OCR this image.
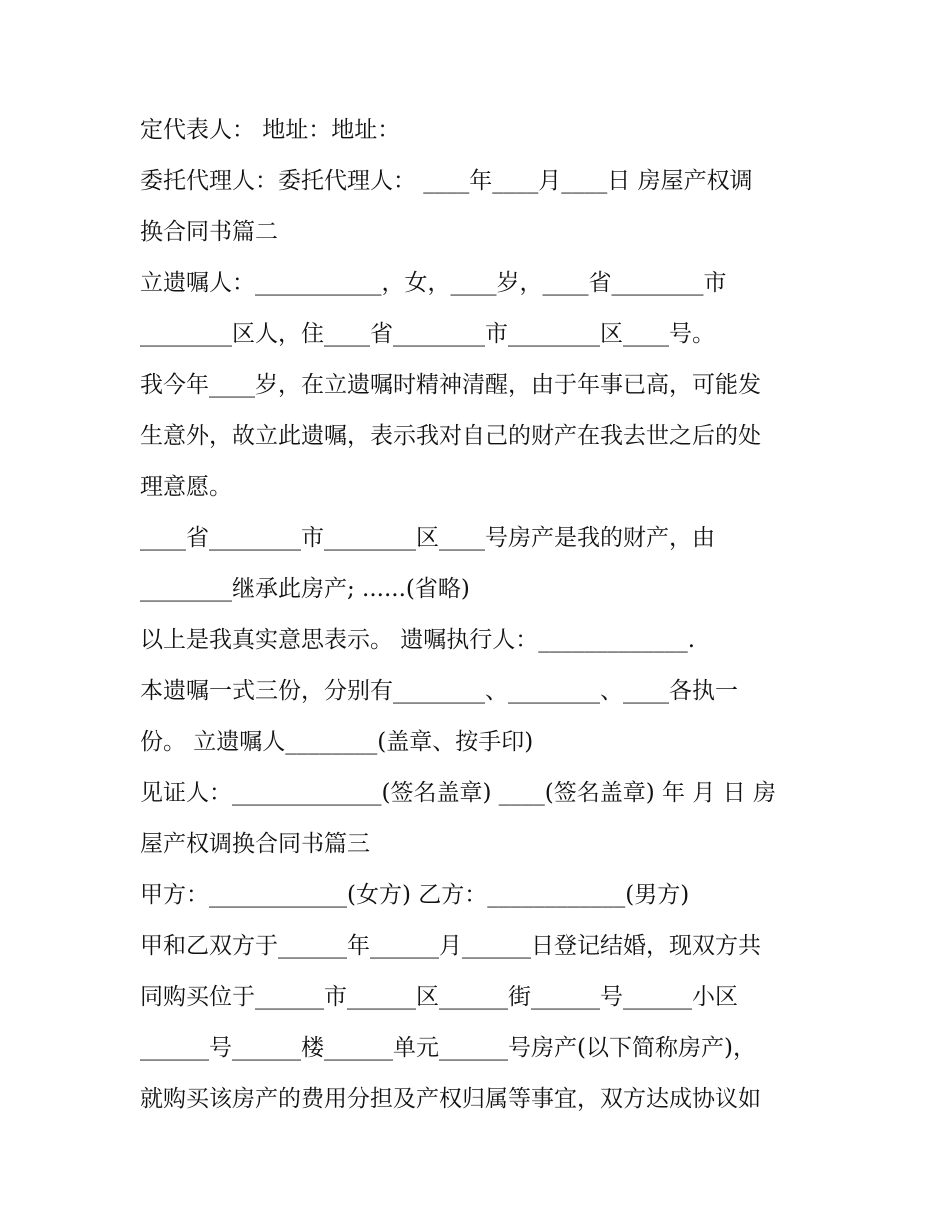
定代表人： 地址：地址：
委托代理人：委托代理人： ____年____月____日 房屋产权调
换合同书篇二
立遗嘱人：___________，女，____岁，____省________市
________区人，住____省________市________区____号。
我今年____岁，在立遗嘱时精神清醒，由于年事已高，可能发
生意外，故立此遗嘱，表示我对自己的财产在我去世之后的处
理意愿。
____省________市________区____号房产是我的财产，由
________继承此房产; ......(省略)
以上是我真实意思表示。 遗嘱执行人：_____________.
本遗嘱一式三份，分别有________、________、____各执一
份。 立遗嘱人________(盖章、按手印)
见证人：_____________(签名盖章) ____(签名盖章) 年 月 日 房
屋产权调换合同书篇三
甲方：____________(女方) 乙方：____________(男方)
甲和乙双方于______年______月______日登记结婚，现双方共
同购买位于______市______区______街______号______小区
______号______楼______单元______号房产(以下简称房产)，
就购买该房产的费用分担及产权归属等事宜，双方达成协议如
